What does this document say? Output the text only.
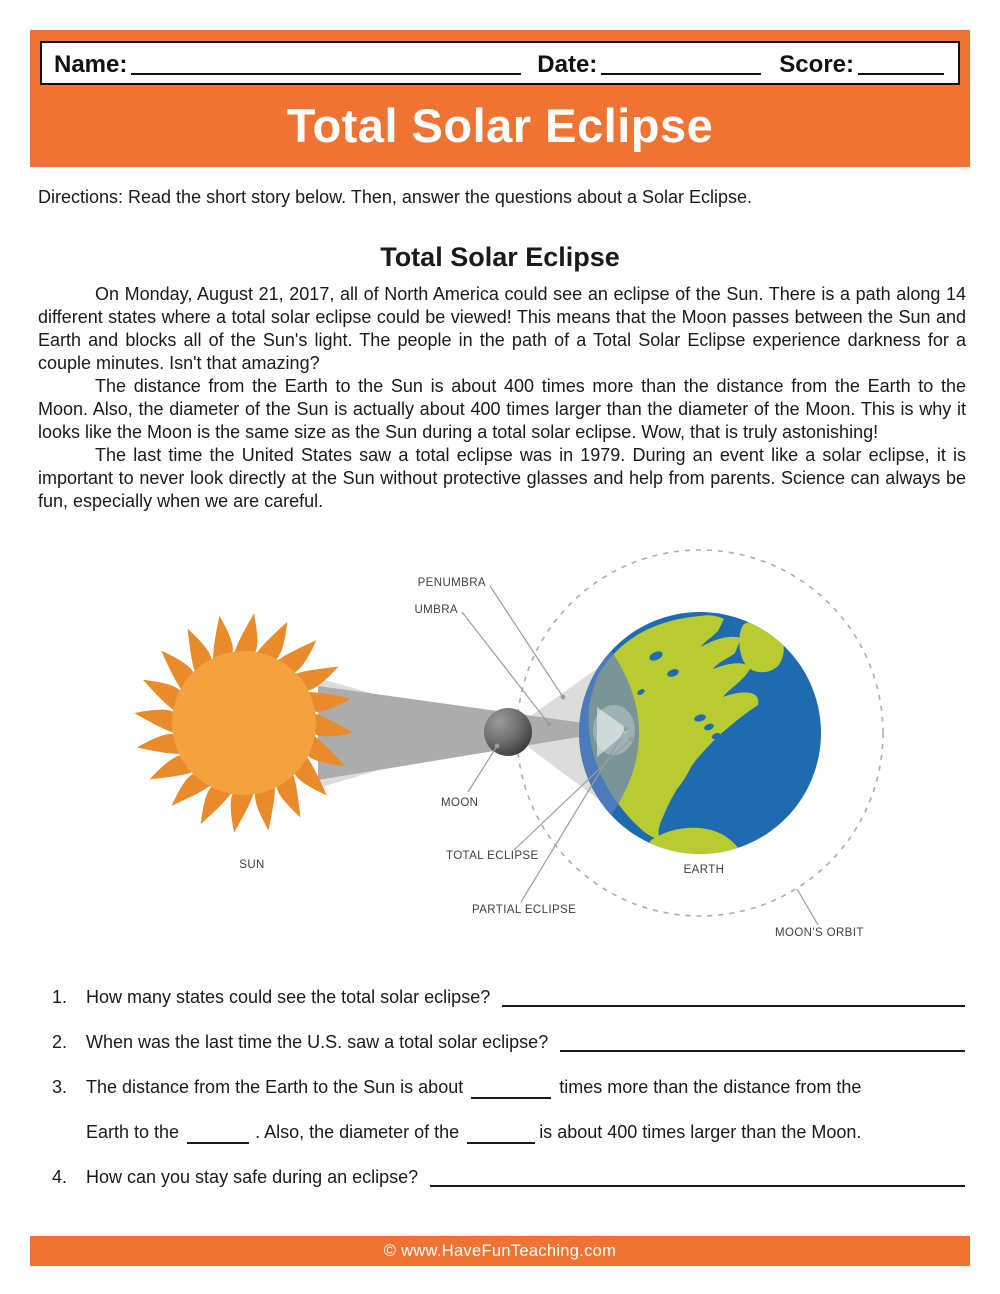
Name:	Date:	Score:
Total Solar Eclipse
Directions: Read the short story below. Then, answer the questions about a Solar Eclipse.
Total Solar Eclipse

On Monday, August 21, 2017, all of North America could see an eclipse of the Sun. There is a path along 14 different states where a total solar eclipse could be viewed! This means that the Moon passes between the Sun and Earth and blocks all of the Sun's light. The people in the path of a Total Solar Eclipse experience darkness for a couple minutes. Isn't that amazing?

The distance from the Earth to the Sun is about 400 times more than the distance from the Earth to the Moon. Also, the diameter of the Sun is actually about 400 times larger than the diameter of the Moon. This is why it looks like the Moon is the same size as the Sun during a total solar eclipse. Wow, that is truly astonishing!

The last time the United States saw a total eclipse was in 1979. During an event like a solar eclipse, it is important to never look directly at the Sun without protective glasses and help from parents. Science can always be fun, especially when we are careful.

PENUMBRA
UMBRA
MOON
TOTAL ECLIPSE
PARTIAL ECLIPSE
SUN	EARTH
MOON'S ORBIT
1.	How many states could see the total solar eclipse?
2.	When was the last time the U.S. saw a total solar eclipse?
3.	The distance from the Earth to the Sun is about	times more than the distance from the
Earth to the	. Also, the diameter of the	is about 400 times larger than the Moon.
4.	How can you stay safe during an eclipse?
© www.HaveFunTeaching.com
